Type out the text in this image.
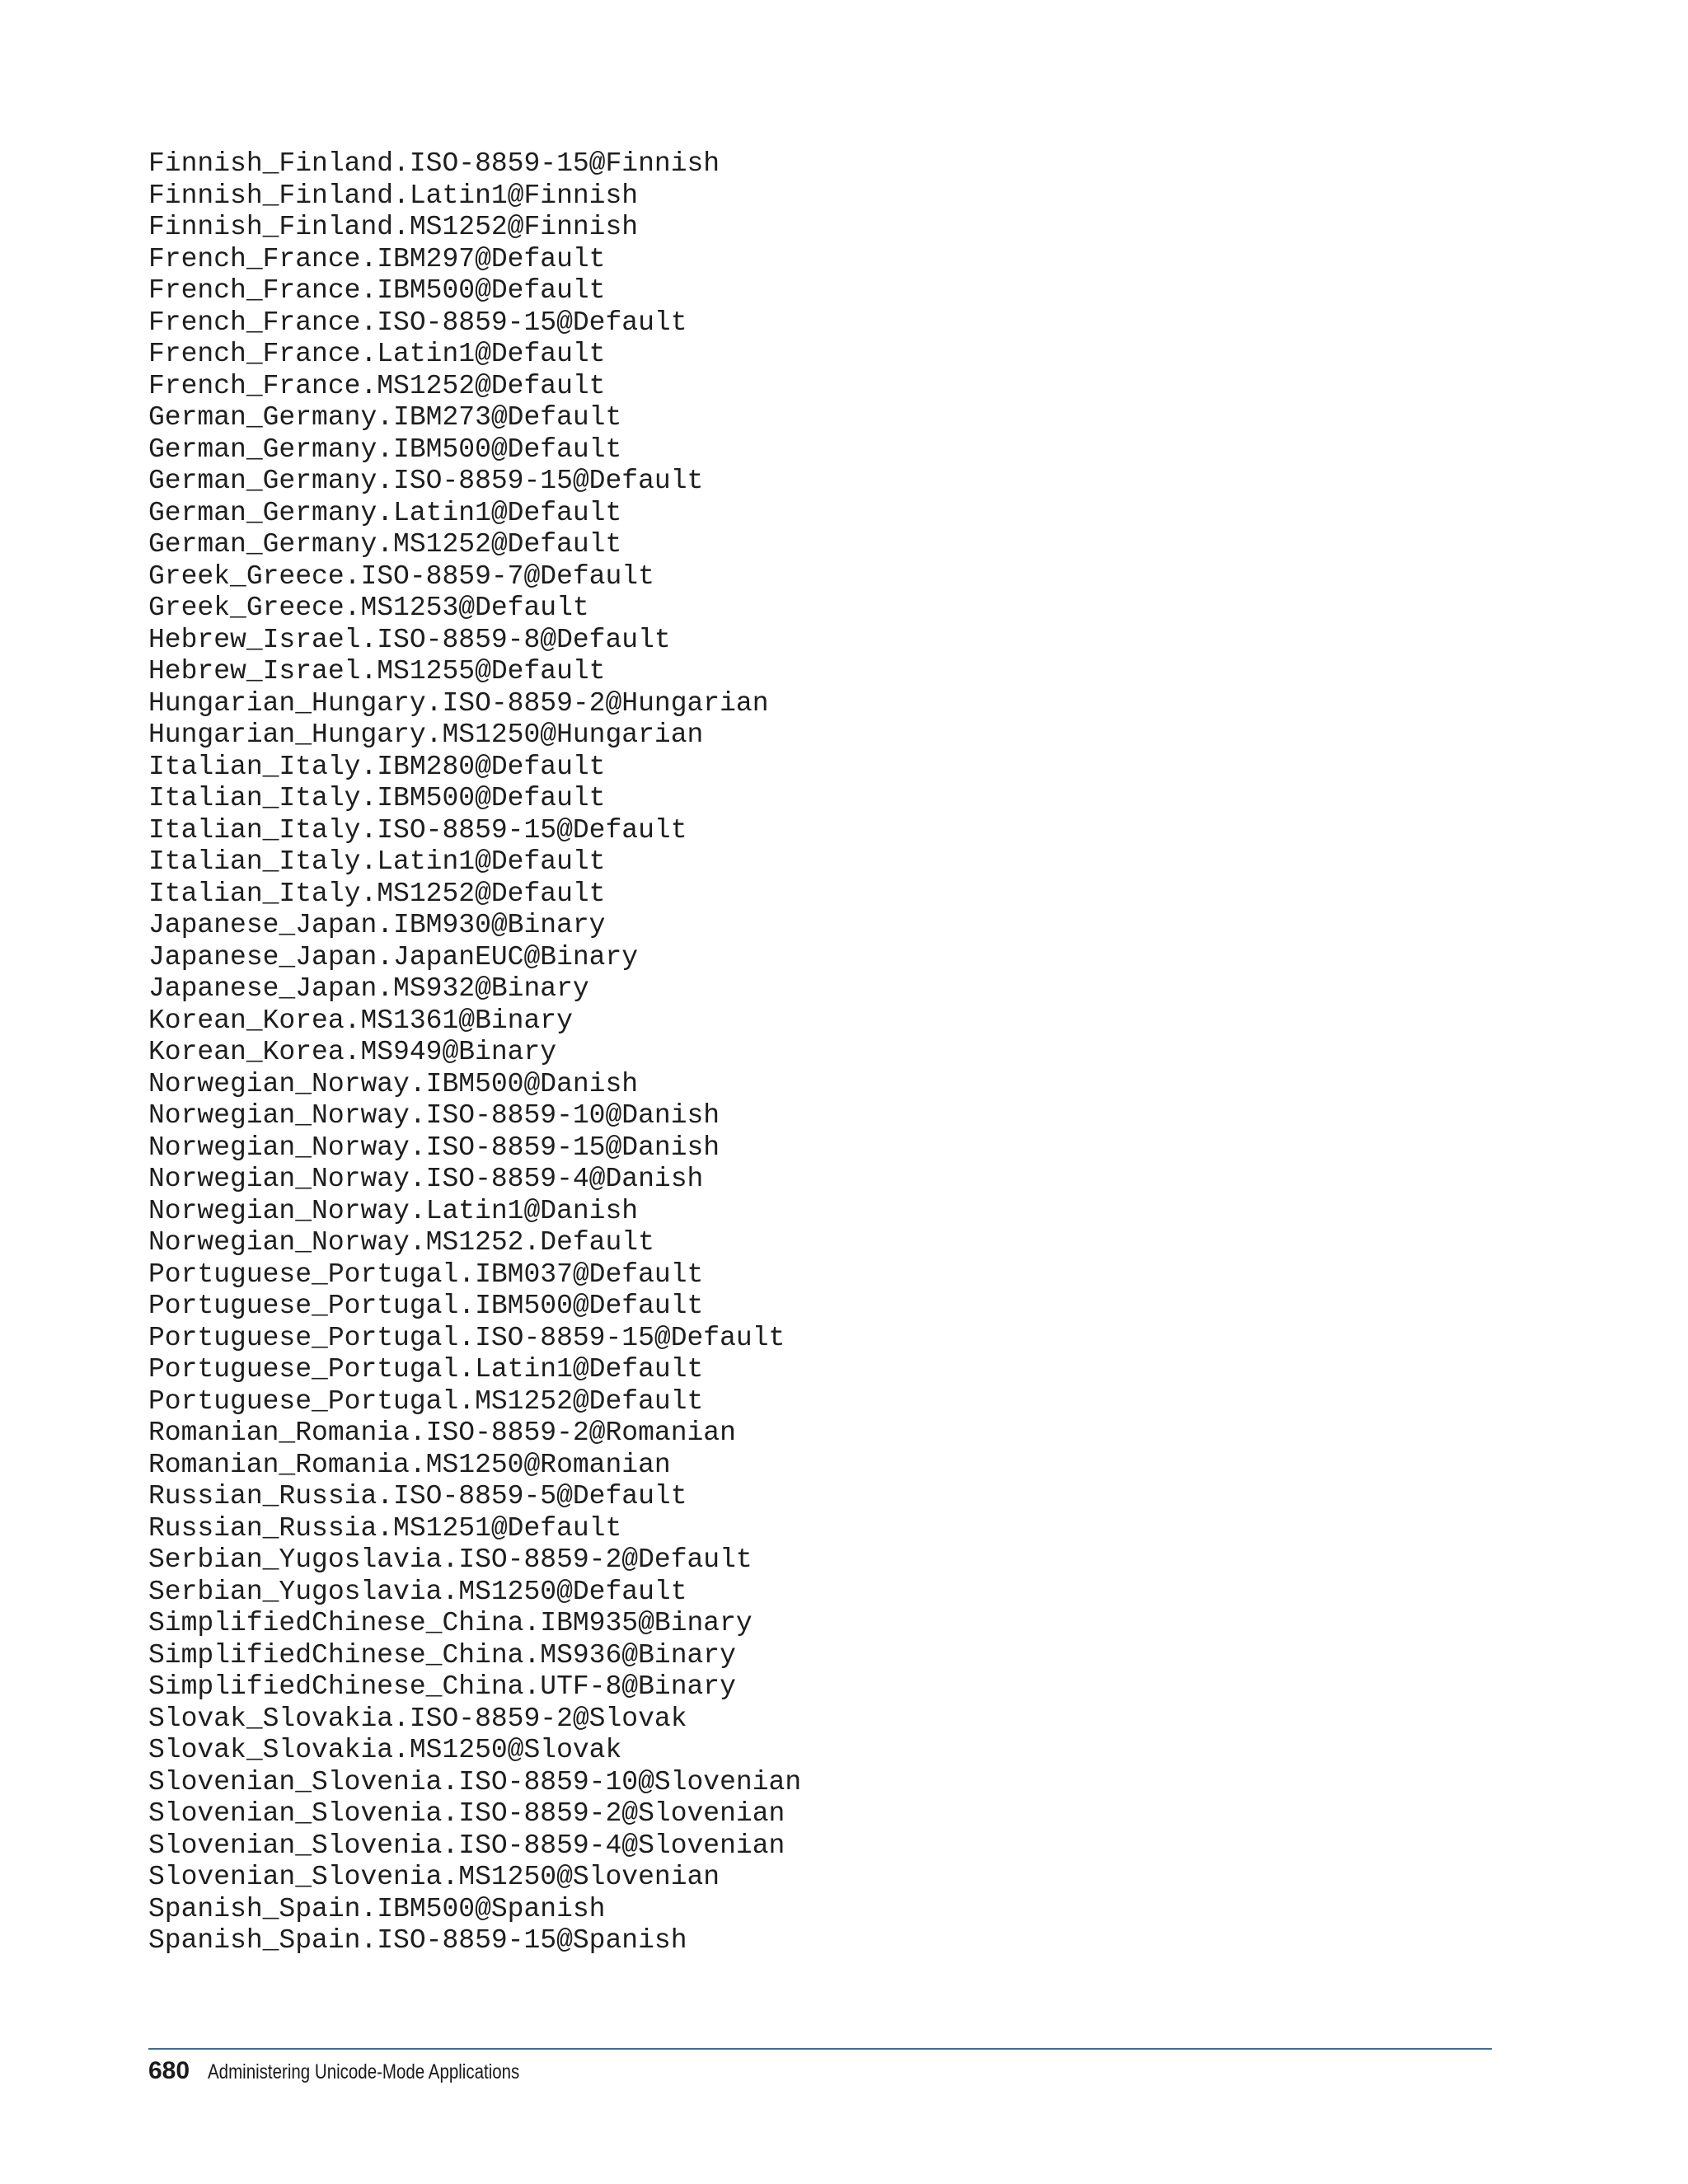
Finnish_Finland.ISO-8859-15@Finnish
Finnish_Finland.Latin1@Finnish
Finnish_Finland.MS1252@Finnish
French_France.IBM297@Default
French_France.IBM500@Default
French_France.ISO-8859-15@Default
French_France.Latin1@Default
French_France.MS1252@Default
German_Germany.IBM273@Default
German_Germany.IBM500@Default
German_Germany.ISO-8859-15@Default
German_Germany.Latin1@Default
German_Germany.MS1252@Default
Greek_Greece.ISO-8859-7@Default
Greek_Greece.MS1253@Default
Hebrew_Israel.ISO-8859-8@Default
Hebrew_Israel.MS1255@Default
Hungarian_Hungary.ISO-8859-2@Hungarian
Hungarian_Hungary.MS1250@Hungarian
Italian_Italy.IBM280@Default
Italian_Italy.IBM500@Default
Italian_Italy.ISO-8859-15@Default
Italian_Italy.Latin1@Default
Italian_Italy.MS1252@Default
Japanese_Japan.IBM930@Binary
Japanese_Japan.JapanEUC@Binary
Japanese_Japan.MS932@Binary
Korean_Korea.MS1361@Binary
Korean_Korea.MS949@Binary
Norwegian_Norway.IBM500@Danish
Norwegian_Norway.ISO-8859-10@Danish
Norwegian_Norway.ISO-8859-15@Danish
Norwegian_Norway.ISO-8859-4@Danish
Norwegian_Norway.Latin1@Danish
Norwegian_Norway.MS1252.Default
Portuguese_Portugal.IBM037@Default
Portuguese_Portugal.IBM500@Default
Portuguese_Portugal.ISO-8859-15@Default
Portuguese_Portugal.Latin1@Default
Portuguese_Portugal.MS1252@Default
Romanian_Romania.ISO-8859-2@Romanian
Romanian_Romania.MS1250@Romanian
Russian_Russia.ISO-8859-5@Default
Russian_Russia.MS1251@Default
Serbian_Yugoslavia.ISO-8859-2@Default
Serbian_Yugoslavia.MS1250@Default
SimplifiedChinese_China.IBM935@Binary
SimplifiedChinese_China.MS936@Binary
SimplifiedChinese_China.UTF-8@Binary
Slovak_Slovakia.ISO-8859-2@Slovak
Slovak_Slovakia.MS1250@Slovak
Slovenian_Slovenia.ISO-8859-10@Slovenian
Slovenian_Slovenia.ISO-8859-2@Slovenian
Slovenian_Slovenia.ISO-8859-4@Slovenian
Slovenian_Slovenia.MS1250@Slovenian
Spanish_Spain.IBM500@Spanish
Spanish_Spain.ISO-8859-15@Spanish
680 Administering Unicode-Mode Applications
